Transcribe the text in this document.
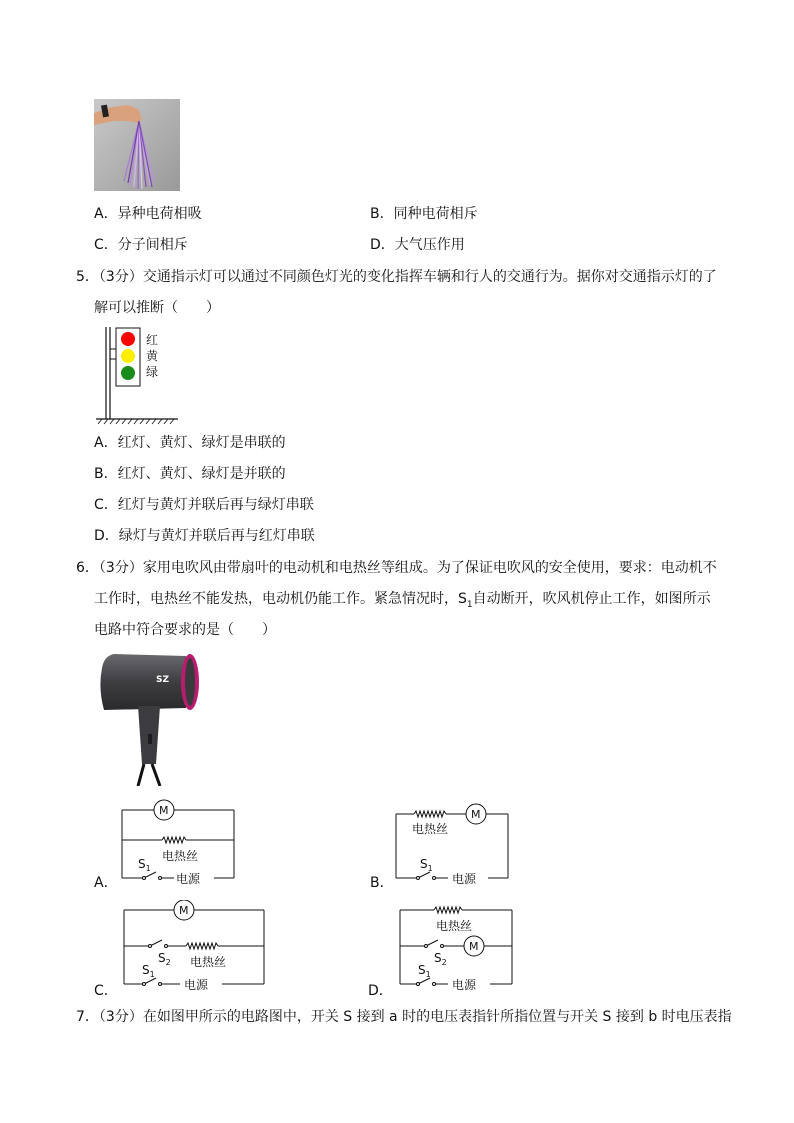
A．异种电荷相吸	B．同种电荷相斥
C．分子间相斥	D．大气压作用
5．（3分）交通指示灯可以通过不同颜色灯光的变化指挥车辆和行人的交通行为。据你对交通指示灯的了
解可以推断（　　）
红
黄
绿
A．红灯、黄灯、绿灯是串联的
B．红灯、黄灯、绿灯是并联的
C．红灯与黄灯并联后再与绿灯串联
D．绿灯与黄灯并联后再与红灯串联
6．（3分）家用电吹风由带扇叶的电动机和电热丝等组成。为了保证电吹风的安全使用，要求：电动机不
工作时，电热丝不能发热，电动机仍能工作。紧急情况时，$S_1$自动断开，吹风机停止工作，如图所示
电路中符合要求的是（　　）
SZ
A．
M
电热丝
$S_1$
电源	B．
M
电热丝
$S_1$
电源
C．
M
$S_2$ 电热丝
$S_1$
电源	D．
电热丝
M
$S_2$
$S_1$
电源
7．（3分）在如图甲所示的电路图中，开关 S 接到 a 时的电压表指针所指位置与开关 S 接到 b 时电压表指
